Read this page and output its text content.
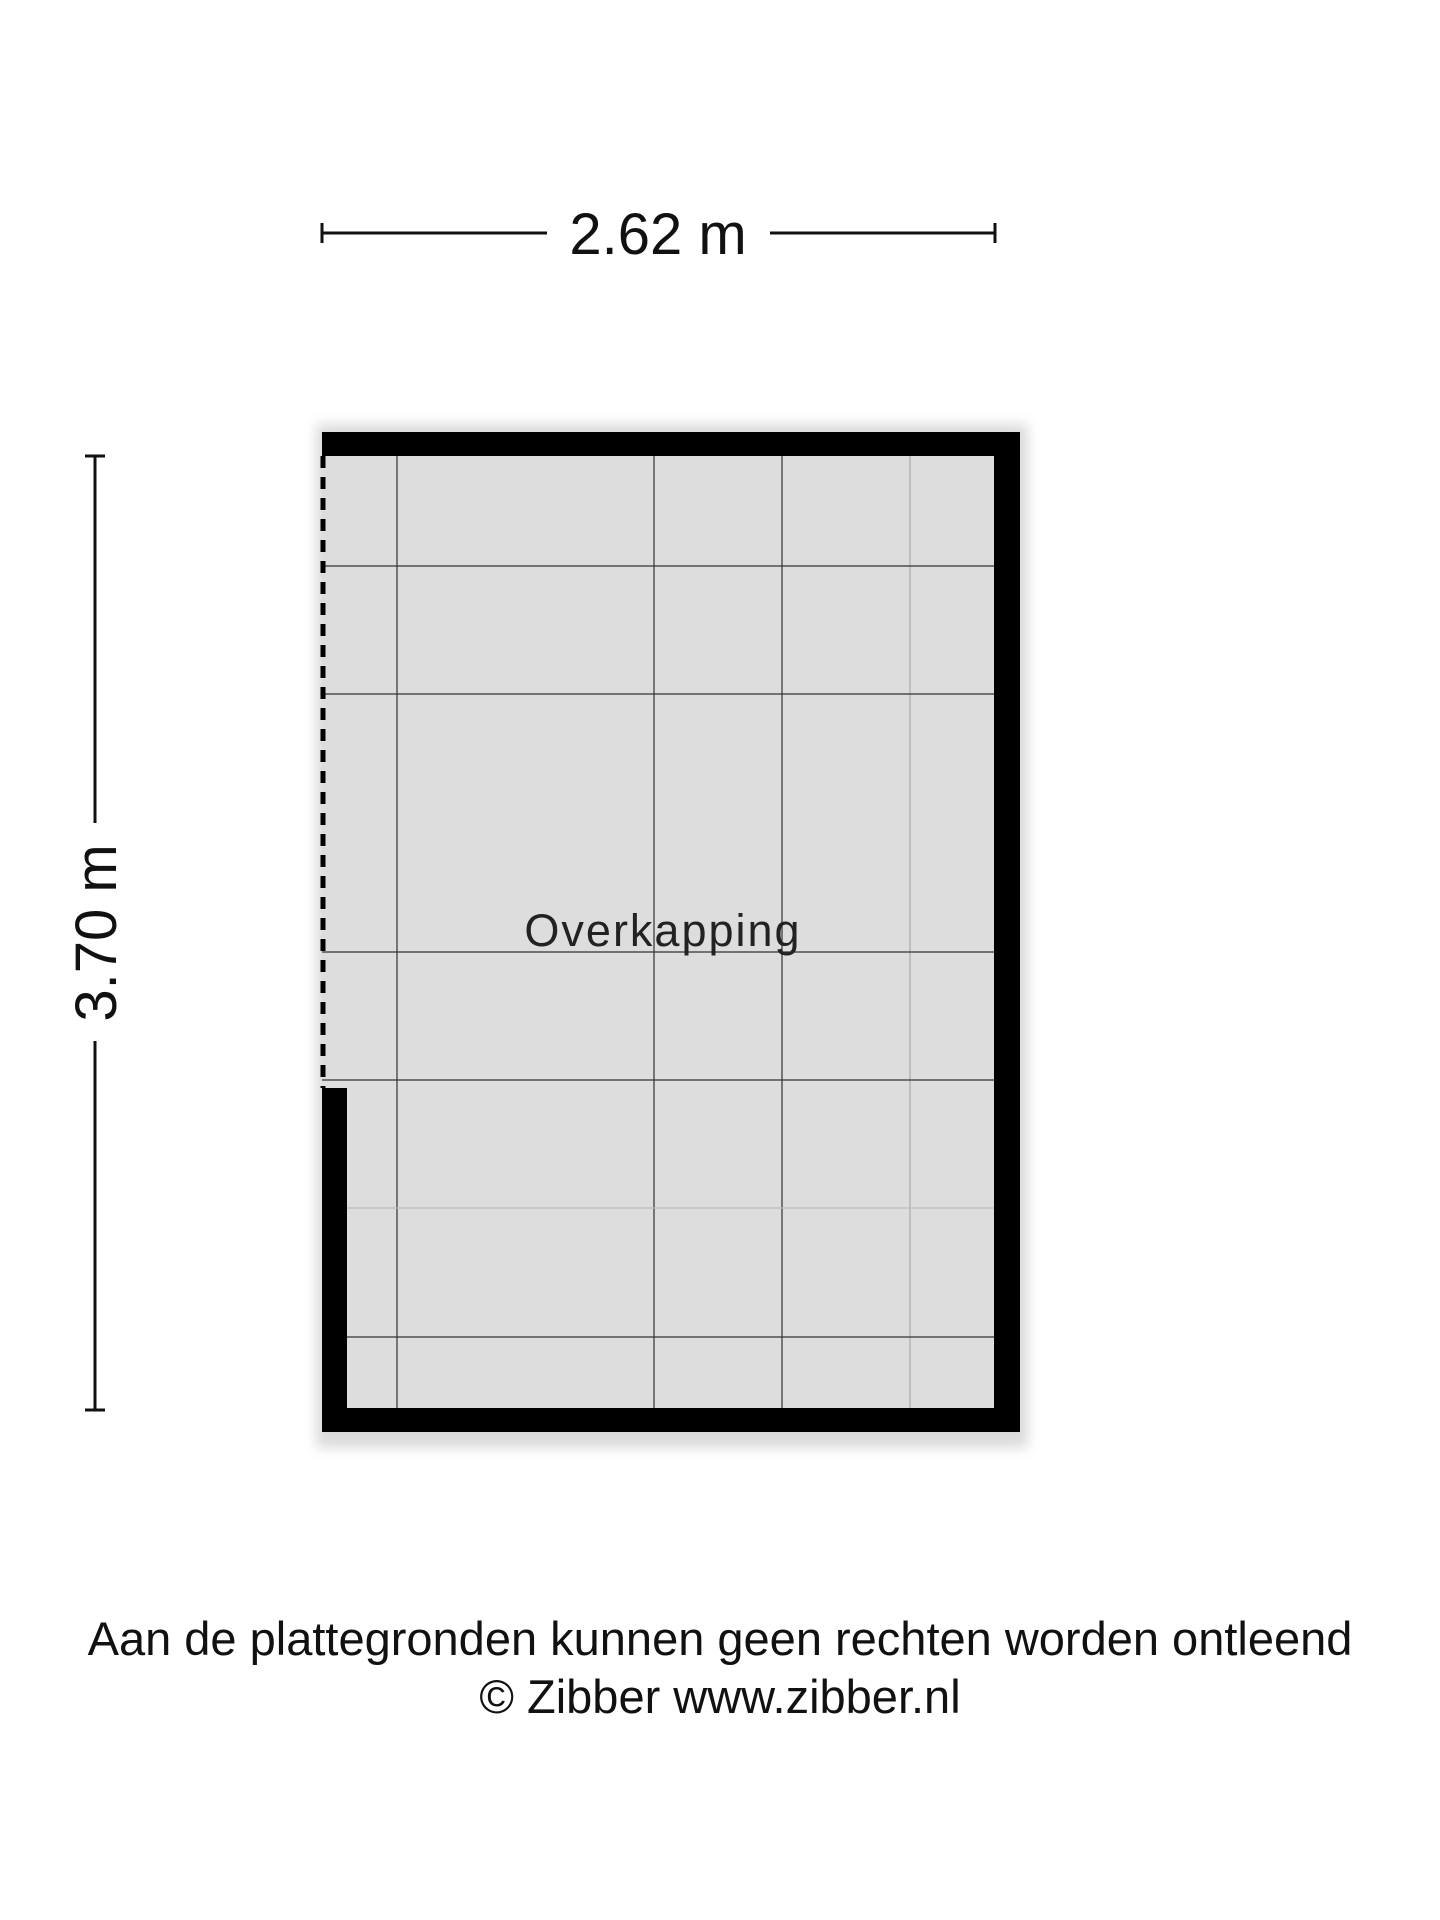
2.62 m
3.70 m	Overkapping
Aan de plattegronden kunnen geen rechten worden ontleend
© Zibber www.zibber.nl
